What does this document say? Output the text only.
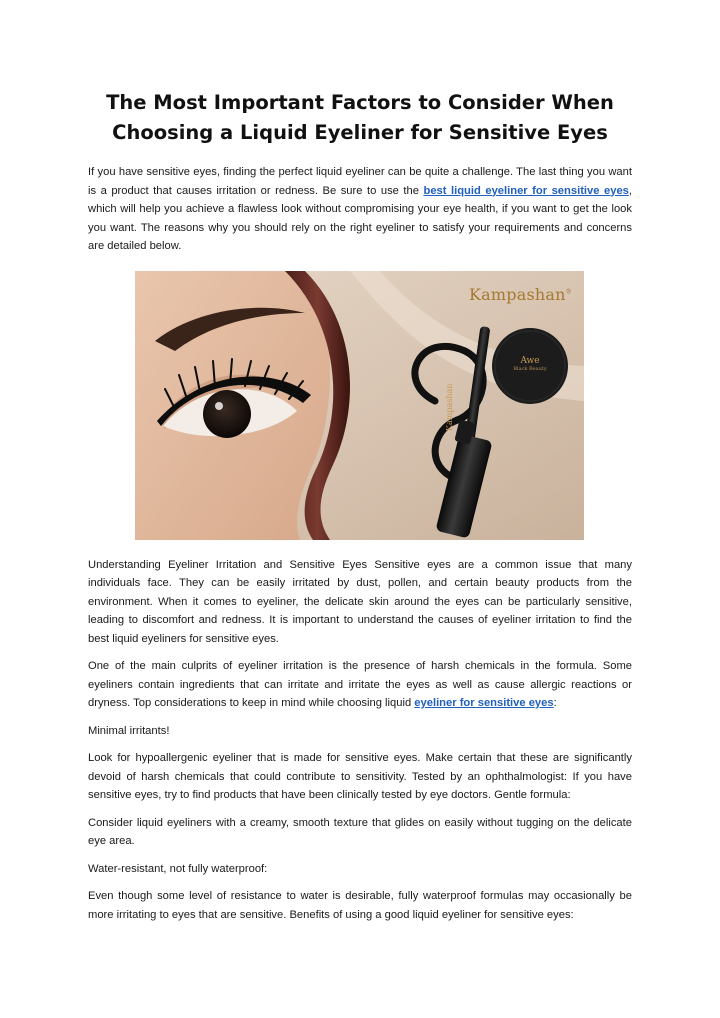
The Most Important Factors to Consider When
Choosing a Liquid Eyeliner for Sensitive Eyes

If you have sensitive eyes, finding the perfect liquid eyeliner can be quite a challenge. The last thing you want is a product that causes irritation or redness. Be sure to use the best liquid eyeliner for sensitive eyes, which will help you achieve a flawless look without compromising your eye health, if you want to get the look you want. The reasons why you should rely on the right eyeliner to satisfy your requirements and concerns are detailed below.

Kampashan®
Awe
Black Beauty
Kampashan

Understanding Eyeliner Irritation and Sensitive Eyes Sensitive eyes are a common issue that many individuals face. They can be easily irritated by dust, pollen, and certain beauty products from the environment. When it comes to eyeliner, the delicate skin around the eyes can be particularly sensitive, leading to discomfort and redness. It is important to understand the causes of eyeliner irritation to find the best liquid eyeliners for sensitive eyes.

One of the main culprits of eyeliner irritation is the presence of harsh chemicals in the formula. Some eyeliners contain ingredients that can irritate and irritate the eyes as well as cause allergic reactions or dryness. Top considerations to keep in mind while choosing liquid eyeliner for sensitive eyes:

Minimal irritants!

Look for hypoallergenic eyeliner that is made for sensitive eyes. Make certain that these are significantly devoid of harsh chemicals that could contribute to sensitivity. Tested by an ophthalmologist: If you have sensitive eyes, try to find products that have been clinically tested by eye doctors. Gentle formula:

Consider liquid eyeliners with a creamy, smooth texture that glides on easily without tugging on the delicate eye area.

Water-resistant, not fully waterproof:

Even though some level of resistance to water is desirable, fully waterproof formulas may occasionally be more irritating to eyes that are sensitive. Benefits of using a good liquid eyeliner for sensitive eyes:
